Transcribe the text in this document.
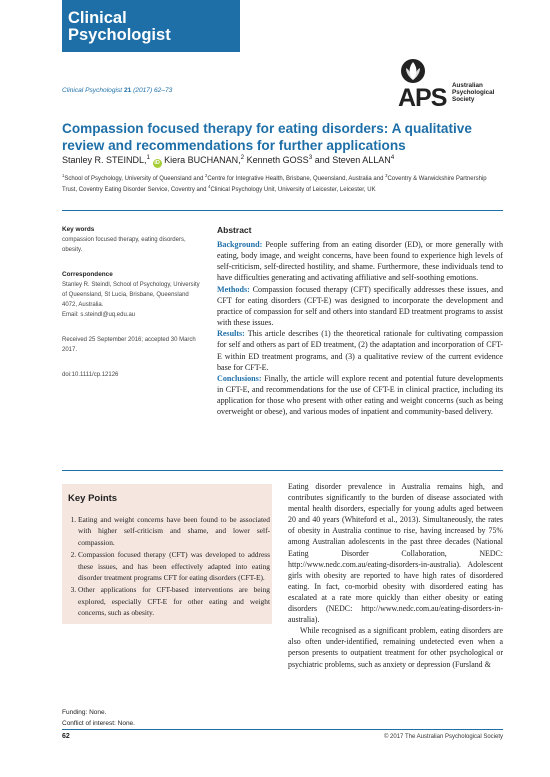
Clinical
Psychologist
Clinical Psychologist 21 (2017) 62–73	APS Australian
Psychological
Society
Compassion focused therapy for eating disorders: A qualitative review and recommendations for further applications
Stanley R. STEINDL,$^1$ iD Kiera BUCHANAN,$^2$ Kenneth GOSS$^3$ and Steven ALLAN$^4$
$^1$School of Psychology, University of Queensland and $^2$Centre for Integrative Health, Brisbane, Queensland, Australia and $^3$Coventry & Warwickshire Partnership Trust, Coventry Eating Disorder Service, Coventry and $^4$Clinical Psychology Unit, University of Leicester, Leicester, UK
Key words
compassion focused therapy, eating disorders, obesity.
Correspondence
Stanley R. Steindl, School of Psychology, University of Queensland, St Lucia, Brisbane, Queensland 4072, Australia.
Email: s.steindl@uq.edu.au
Received 25 September 2016; accepted 30 March 2017.
doi:10.1111/cp.12126
Abstract

Background: People suffering from an eating disorder (ED), or more generally with eating, body image, and weight concerns, have been found to experience high levels of self-criticism, self-directed hostility, and shame. Furthermore, these individuals tend to have difficulties generating and activating affiliative and self-soothing emotions.

Methods: Compassion focused therapy (CFT) specifically addresses these issues, and CFT for eating disorders (CFT-E) was designed to incorporate the development and practice of compassion for self and others into standard ED treatment programs to assist with these issues.

Results: This article describes (1) the theoretical rationale for cultivating compassion for self and others as part of ED treatment, (2) the adaptation and incorporation of CFT-E within ED treatment programs, and (3) a qualitative review of the current evidence base for CFT-E.

Conclusions: Finally, the article will explore recent and potential future developments in CFT-E, and recommendations for the use of CFT-E in clinical practice, including its application for those who present with other eating and weight concerns (such as being overweight or obese), and various modes of inpatient and community-based delivery.

Key Points
1. Eating and weight concerns have been found to be associated with higher self-criticism and shame, and lower self-compassion.
2. Compassion focused therapy (CFT) was developed to address these issues, and has been effectively adapted into eating disorder treatment programs CFT for eating disorders (CFT-E).
3. Other applications for CFT-based interventions are being explored, especially CFT-E for other eating and weight concerns, such as obesity.
Funding: None.
Conflict of interest: None.

Eating disorder prevalence in Australia remains high, and contributes significantly to the burden of disease associated with mental health disorders, especially for young adults aged between 20 and 40 years (Whiteford et al., 2013). Simultaneously, the rates of obesity in Australia continue to rise, having increased by 75% among Australian adolescents in the past three decades (National Eating Disorder Collaboration, NEDC: http://www.nedc.com.au/eating-disorders-in-australia). Adolescent girls with obesity are reported to have high rates of disordered eating. In fact, co-morbid obesity with disordered eating has escalated at a rate more quickly than either obesity or eating disorders (NEDC: http://www.nedc.com.au/eating-disorders-in-australia).

While recognised as a significant problem, eating disorders are also often under-identified, remaining undetected even when a person presents to outpatient treatment for other psychological or psychiatric problems, such as anxiety or depression (Fursland &

62	© 2017 The Australian Psychological Society
